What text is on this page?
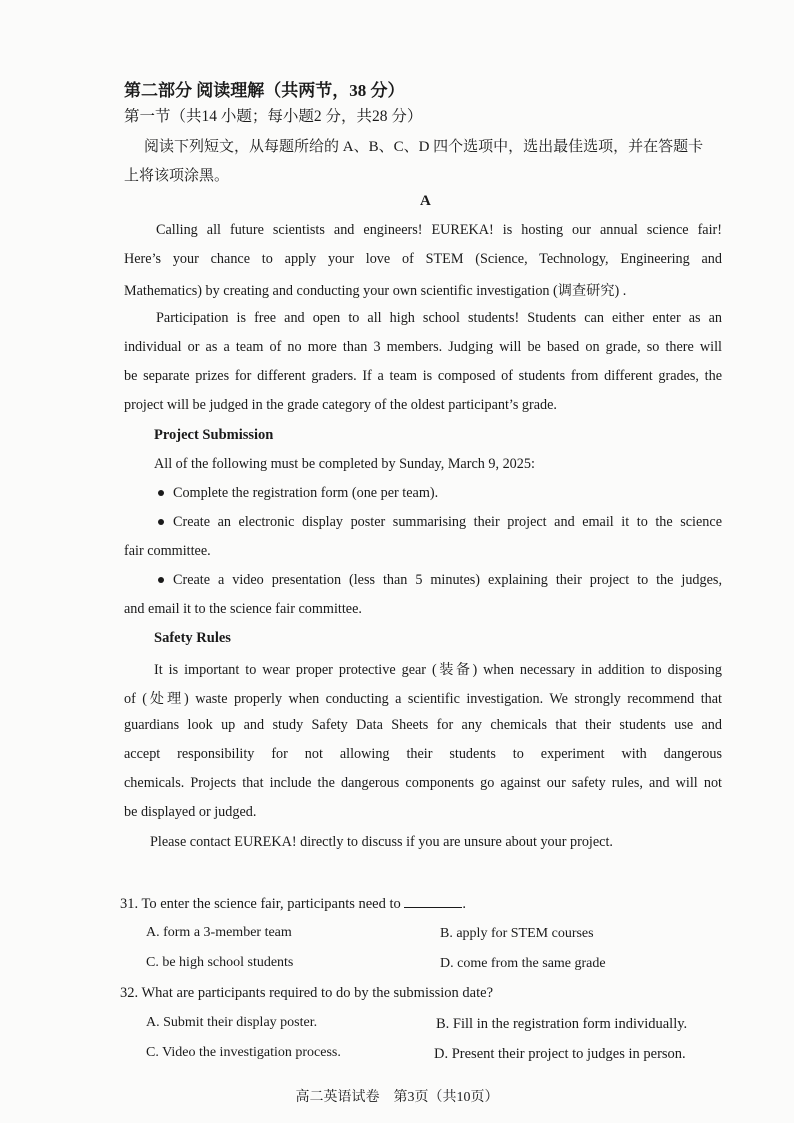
第二部分 阅读理解（共两节，38 分）
第一节（共14 小题；每小题2 分，共28 分）
阅读下列短文，从每题所给的 A、B、C、D 四个选项中，选出最佳选项，并在答题卡
上将该项涂黑。
A
Calling all future scientists and engineers! EUREKA! is hosting our annual science fair!
Here’s your chance to apply your love of STEM (Science, Technology, Engineering and
Mathematics) by creating and conducting your own scientific investigation (调查研究) .
Participation is free and open to all high school students! Students can either enter as an
individual or as a team of no more than 3 members. Judging will be based on grade, so there will
be separate prizes for different graders. If a team is composed of students from different grades, the
project will be judged in the grade category of the oldest participant’s grade.
Project Submission
All of the following must be completed by Sunday, March 9, 2025:
Complete the registration form (one per team).
Create an electronic display poster summarising their project and email it to the science
fair committee.
Create a video presentation (less than 5 minutes) explaining their project to the judges,
and email it to the science fair committee.
Safety Rules
It is important to wear proper protective gear (装备) when necessary in addition to disposing
of (处理) waste properly when conducting a scientific investigation. We strongly recommend that
guardians look up and study Safety Data Sheets for any chemicals that their students use and
accept responsibility for not allowing their students to experiment with dangerous
chemicals. Projects that include the dangerous components go against our safety rules, and will not
be displayed or judged.
Please contact EUREKA! directly to discuss if you are unsure about your project.
31. To enter the science fair, participants need to	.
A. form a 3-member team	B. apply for STEM courses
C. be high school students	D. come from the same grade
32. What are participants required to do by the submission date?
A. Submit their display poster.	B. Fill in the registration form individually.
C. Video the investigation process.	D. Present their project to judges in person.
高二英语试卷　第3页（共10页）
